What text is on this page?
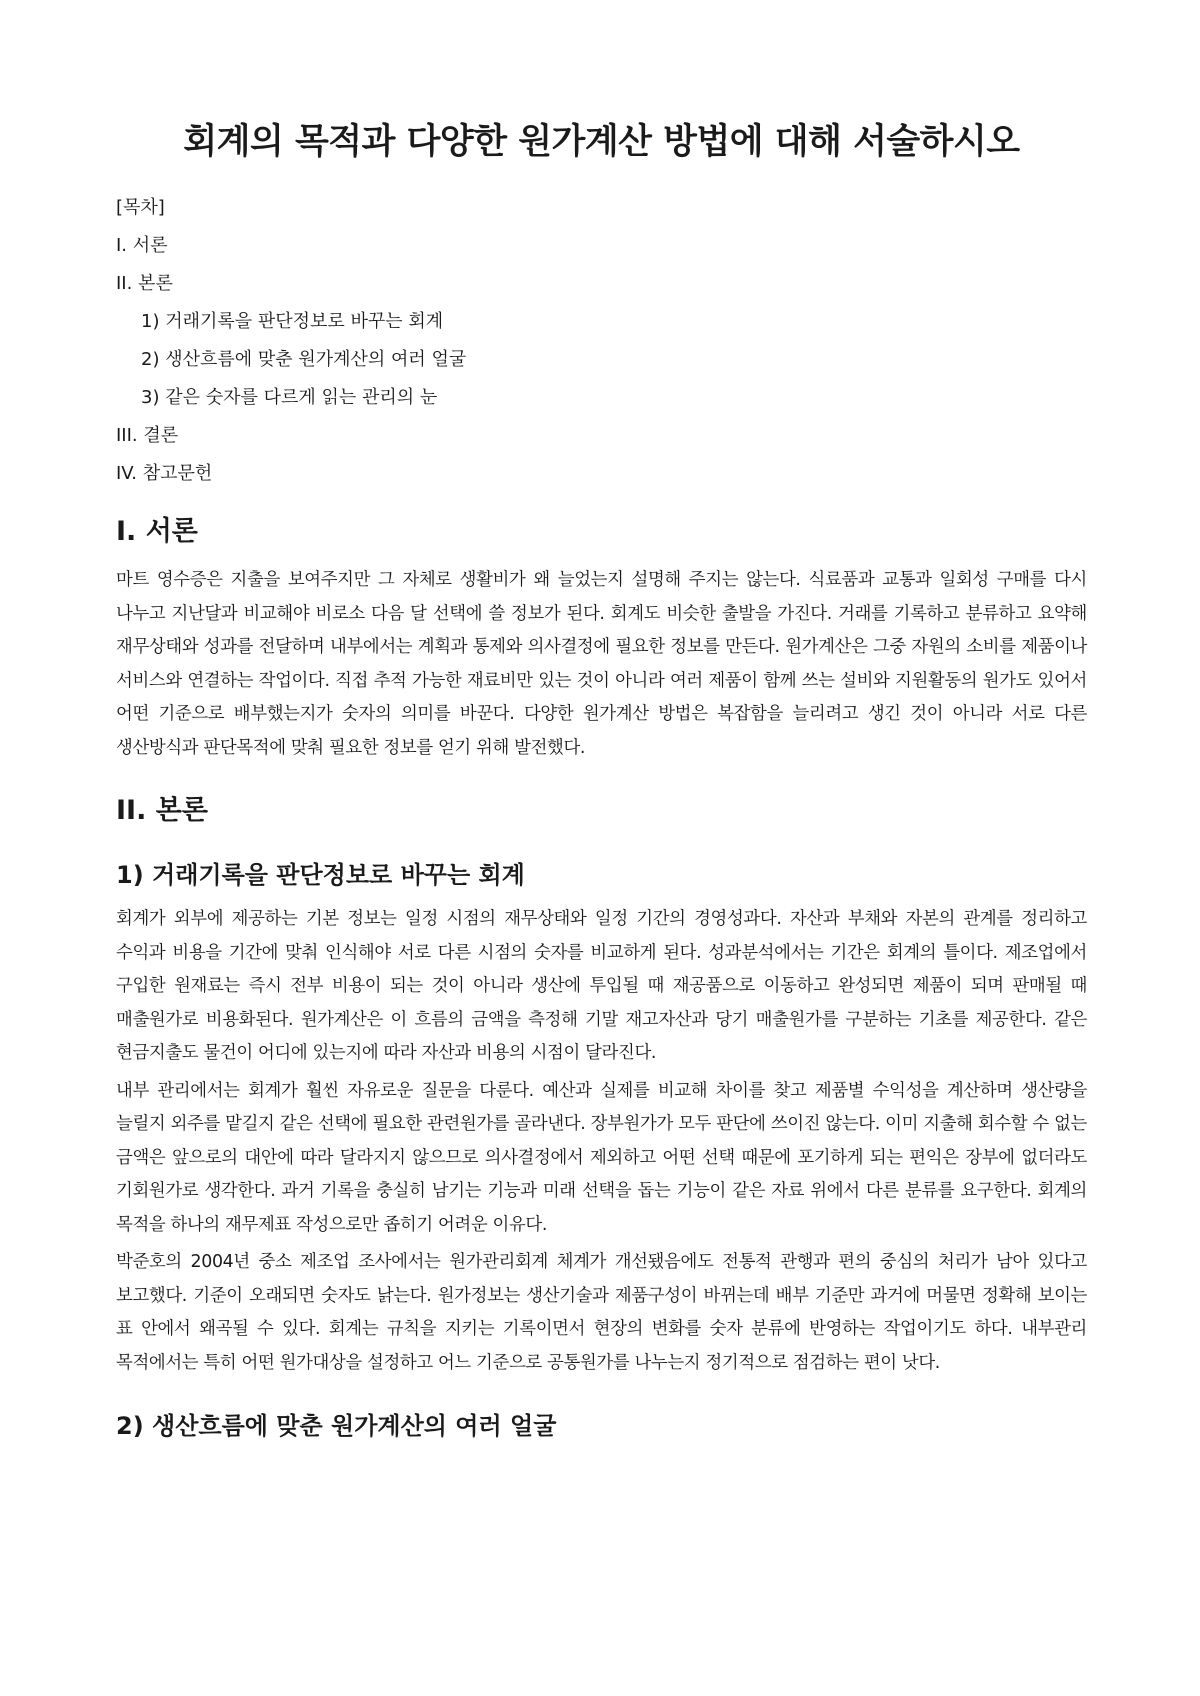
회계의 목적과 다양한 원가계산 방법에 대해 서술하시오
[목차]
I. 서론
II. 본론
1) 거래기록을 판단정보로 바꾸는 회계
2) 생산흐름에 맞춘 원가계산의 여러 얼굴
3) 같은 숫자를 다르게 읽는 관리의 눈
III. 결론
IV. 참고문헌
I. 서론

마트 영수증은 지출을 보여주지만 그 자체로 생활비가 왜 늘었는지 설명해 주지는 않는다. 식료품과 교통과 일회성 구매를 다시 나누고 지난달과 비교해야 비로소 다음 달 선택에 쓸 정보가 된다. 회계도 비슷한 출발을 가진다. 거래를 기록하고 분류하고 요약해 재무상태와 성과를 전달하며 내부에서는 계획과 통제와 의사결정에 필요한 정보를 만든다. 원가계산은 그중 자원의 소비를 제품이나 서비스와 연결하는 작업이다. 직접 추적 가능한 재료비만 있는 것이 아니라 여러 제품이 함께 쓰는 설비와 지원활동의 원가도 있어서 어떤 기준으로 배부했는지가 숫자의 의미를 바꾼다. 다양한 원가계산 방법은 복잡함을 늘리려고 생긴 것이 아니라 서로 다른 생산방식과 판단목적에 맞춰 필요한 정보를 얻기 위해 발전했다.

II. 본론
1) 거래기록을 판단정보로 바꾸는 회계

회계가 외부에 제공하는 기본 정보는 일정 시점의 재무상태와 일정 기간의 경영성과다. 자산과 부채와 자본의 관계를 정리하고 수익과 비용을 기간에 맞춰 인식해야 서로 다른 시점의 숫자를 비교하게 된다. 성과분석에서는 기간은 회계의 틀이다. 제조업에서 구입한 원재료는 즉시 전부 비용이 되는 것이 아니라 생산에 투입될 때 재공품으로 이동하고 완성되면 제품이 되며 판매될 때 매출원가로 비용화된다. 원가계산은 이 흐름의 금액을 측정해 기말 재고자산과 당기 매출원가를 구분하는 기초를 제공한다. 같은 현금지출도 물건이 어디에 있는지에 따라 자산과 비용의 시점이 달라진다.

내부 관리에서는 회계가 훨씬 자유로운 질문을 다룬다. 예산과 실제를 비교해 차이를 찾고 제품별 수익성을 계산하며 생산량을 늘릴지 외주를 맡길지 같은 선택에 필요한 관련원가를 골라낸다. 장부원가가 모두 판단에 쓰이진 않는다. 이미 지출해 회수할 수 없는 금액은 앞으로의 대안에 따라 달라지지 않으므로 의사결정에서 제외하고 어떤 선택 때문에 포기하게 되는 편익은 장부에 없더라도 기회원가로 생각한다. 과거 기록을 충실히 남기는 기능과 미래 선택을 돕는 기능이 같은 자료 위에서 다른 분류를 요구한다. 회계의 목적을 하나의 재무제표 작성으로만 좁히기 어려운 이유다.

박준호의 2004년 중소 제조업 조사에서는 원가관리회계 체계가 개선됐음에도 전통적 관행과 편의 중심의 처리가 남아 있다고 보고했다. 기준이 오래되면 숫자도 낡는다. 원가정보는 생산기술과 제품구성이 바뀌는데 배부 기준만 과거에 머물면 정확해 보이는 표 안에서 왜곡될 수 있다. 회계는 규칙을 지키는 기록이면서 현장의 변화를 숫자 분류에 반영하는 작업이기도 하다. 내부관리 목적에서는 특히 어떤 원가대상을 설정하고 어느 기준으로 공통원가를 나누는지 정기적으로 점검하는 편이 낫다.

2) 생산흐름에 맞춘 원가계산의 여러 얼굴
